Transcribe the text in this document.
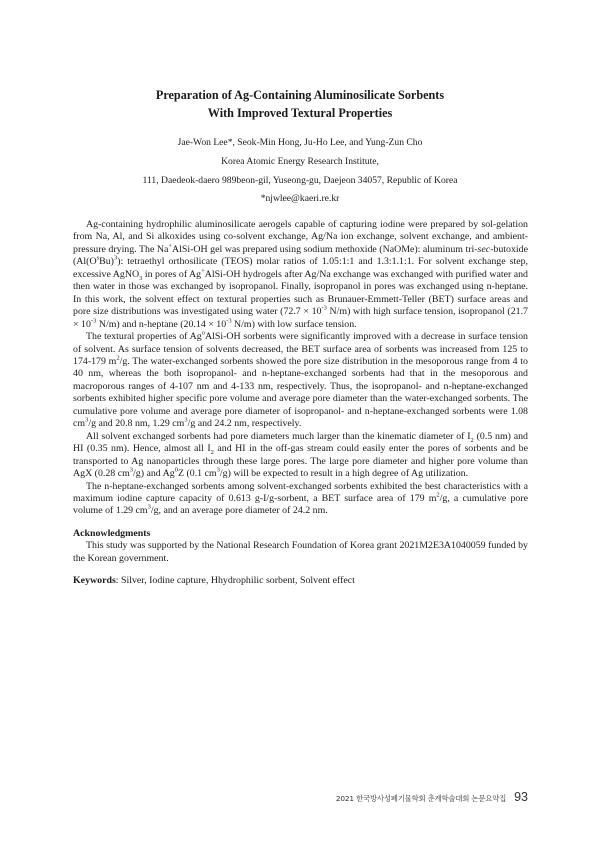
Preparation of Ag-Containing Aluminosilicate Sorbents
With Improved Textural Properties
Jae-Won Lee*, Seok-Min Hong, Ju-Ho Lee, and Yung-Zun Cho
Korea Atomic Energy Research Institute,
111, Daedeok-daero 989beon-gil, Yuseong-gu, Daejeon 34057, Republic of Korea
*njwlee@kaeri.re.kr

Ag-containing hydrophilic aluminosilicate aerogels capable of capturing iodine were prepared by sol-gelation from Na, Al, and Si alkoxides using co-solvent exchange, Ag/Na ion exchange, solvent exchange, and ambient-pressure drying. The Na+AlSi-OH gel was prepared using sodium methoxide (NaOMe): aluminum tri-sec-butoxide $(Al(O^sBu)^3)$: tetraethyl orthosilicate (TEOS) molar ratios of 1.05:1:1 and 1.3:1.1:1. For solvent exchange step, excessive AgNO$_3$ in pores of Ag+AlSi-OH hydrogels after Ag/Na exchange was exchanged with purified water and then water in those was exchanged by isopropanol. Finally, isopropanol in pores was exchanged using n-heptane. In this work, the solvent effect on textural properties such as Brunauer-Emmett-Teller (BET) surface areas and pore size distributions was investigated using water ($72.7 \times 10^{-3}$ N/m) with high surface tension, isopropanol ($21.7 \times 10^{-3}$ N/m) and n-heptane ($20.14 \times 10^{-3}$ N/m) with low surface tension.

The textural properties of Ag$^o$AlSi-OH sorbents were significantly improved with a decrease in surface tension of solvent. As surface tension of solvents decreased, the BET surface area of sorbents was increased from 125 to 174-179 $m^2/g$. The water-exchanged sorbents showed the pore size distribution in the mesoporous range from 4 to 40 nm, whereas the both isopropanol- and n-heptane-exchanged sorbents had that in the mesoporous and macroporous ranges of 4-107 nm and 4-133 nm, respectively. Thus, the isopropanol- and n-heptane-exchanged sorbents exhibited higher specific pore volume and average pore diameter than the water-exchanged sorbents. The cumulative pore volume and average pore diameter of isopropanol- and n-heptane-exchanged sorbents were 1.08 $cm^3/g$ and 20.8 nm, 1.29 $cm^3/g$ and 24.2 nm, respectively.

All solvent exchanged sorbents had pore diameters much larger than the kinematic diameter of $I_2$ (0.5 nm) and HI (0.35 nm). Hence, almost all $I_2$ and HI in the off-gas stream could easily enter the pores of sorbents and be transported to Ag nanoparticles through these large pores. The large pore diameter and higher pore volume than AgX (0.28 $cm^3/g$) and Ag$^0$Z (0.1 $cm^3/g$) will be expected to result in a high degree of Ag utilization.

The n-heptane-exchanged sorbents among solvent-exchanged sorbents exhibited the best characteristics with a maximum iodine capture capacity of 0.613 g-I/g-sorbent, a BET surface area of 179 $m^2/g$, a cumulative pore volume of 1.29 $cm^3/g$, and an average pore diameter of 24.2 nm.

Acknowledgments

This study was supported by the National Research Foundation of Korea grant 2021M2E3A1040059 funded by the Korean government.

Keywords: Silver, Iodine capture, Hhydrophilic sorbent, Solvent effect
2021 한국방사성폐기물학회 춘계학술대회 논문요약집 93
